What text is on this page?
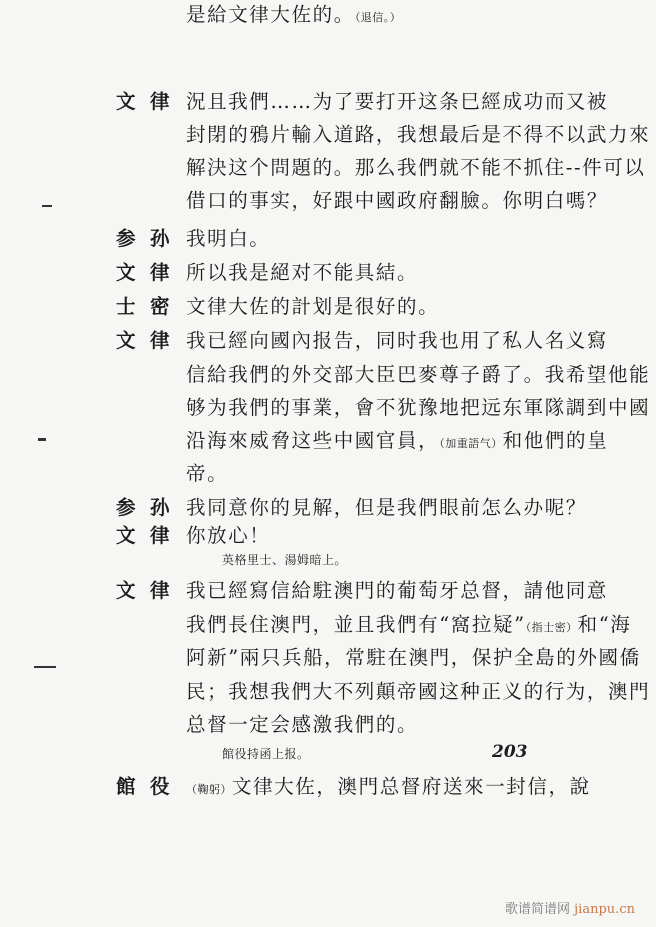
203
歌谱简谱网 jianpu.cn
文 律 況且我們……为了要打开这条巳經成功而又被
封閉的鴉片輸入道路，我想最后是不得不以武力來
解決这个問題的。那么我們就不能不抓住--件可以
借口的事实，好跟中國政府翻臉。你明白嗎？
参 孙 我明白。
文 律 所以我是絕对不能具結。
士 密 文律大佐的計划是很好的。
文 律 我已經向國內报告，同时我也用了私人名义寫
信給我們的外交部大臣巴麥尊子爵了。我希望他能
够为我們的事業，會不犹豫地把远东軍隊調到中國
沿海來威脅这些中國官員，（加重語气）和他們的皇
帝。
参 孙 我同意你的見解，但是我們眼前怎么办呢？
文 律 你放心！
英格里士、湯姆暗上。
文 律 我已經寫信給駐澳門的葡萄牙总督，請他同意
我們長住澳門，並且我們有“窩拉疑”（指士密）和“海
阿新”兩只兵船，常駐在澳門，保护全島的外國僑
民；我想我們大不列顛帝國这种正义的行为，澳門
总督一定会感激我們的。
館役持函上报。
館 役 （鞠躬）文律大佐，澳門总督府送來一封信，說
是給文律大佐的。（退信。）
